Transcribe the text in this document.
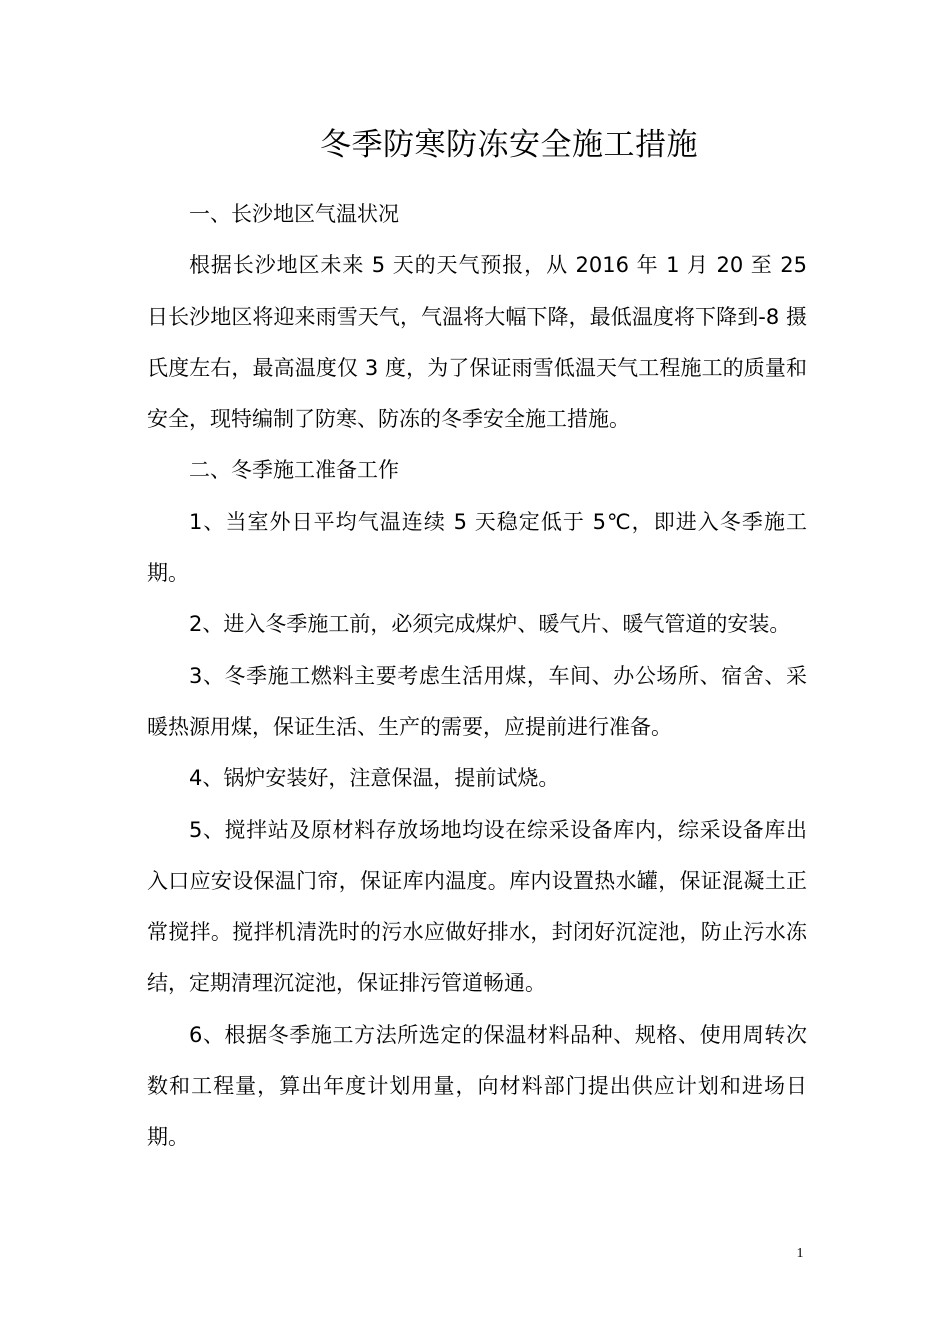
冬季防寒防冻安全施工措施

一、长沙地区气温状况

根据长沙地区未来 5 天的天气预报，从 2016 年 1 月 20 至 25 日长沙地区将迎来雨雪天气，气温将大幅下降，最低温度将下降到-8 摄氏度左右，最高温度仅 3 度，为了保证雨雪低温天气工程施工的质量和安全，现特编制了防寒、防冻的冬季安全施工措施。

二、冬季施工准备工作

1、当室外日平均气温连续 5 天稳定低于 5℃，即进入冬季施工期。

2、进入冬季施工前，必须完成煤炉、暖气片、暖气管道的安装。

3、冬季施工燃料主要考虑生活用煤，车间、办公场所、宿舍、采暖热源用煤，保证生活、生产的需要，应提前进行准备。

4、锅炉安装好，注意保温，提前试烧。

5、搅拌站及原材料存放场地均设在综采设备库内，综采设备库出入口应安设保温门帘，保证库内温度。库内设置热水罐，保证混凝土正常搅拌。搅拌机清洗时的污水应做好排水，封闭好沉淀池，防止污水冻结，定期清理沉淀池，保证排污管道畅通。

6、根据冬季施工方法所选定的保温材料品种、规格、使用周转次数和工程量，算出年度计划用量，向材料部门提出供应计划和进场日期。

1
